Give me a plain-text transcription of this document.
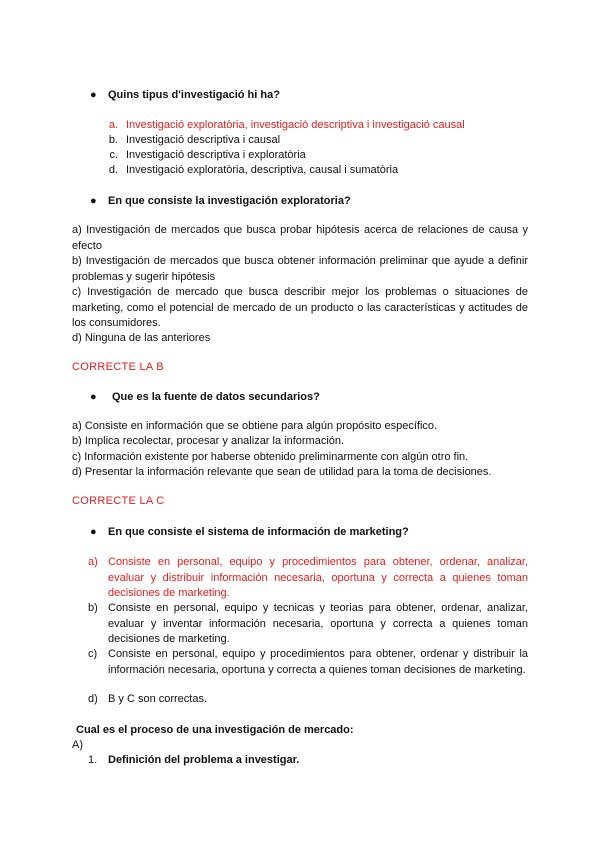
● Quins tipus d'investigació hi ha?
a. Investigació exploratòria, investigació descriptiva i investigació causal
b. Investigació descriptiva i causal
c. Investigació descriptiva i exploratòria
d. Investigació exploratòria, descriptiva, causal i sumatòria
● En que consiste la investigación exploratoria?
a) Investigación de mercados que busca probar hipótesis acerca de relaciones de causa y efecto
b) Investigación de mercados que busca obtener información preliminar que ayude a definir problemas y sugerir hipótesis
c) Investigación de mercado que busca describir mejor los problemas o situaciones de marketing, como el potencial de mercado de un producto o las características y actitudes de los consumidores.
d) Ninguna de las anteriores
CORRECTE LA B
● Que es la fuente de datos secundarios?
a) Consiste en información que se obtiene para algún propósito específico.
b) Implica recolectar, procesar y analizar la información.
c) Información existente por haberse obtenido preliminarmente con algún otro fin.
d) Presentar la información relevante que sean de utilidad para la toma de decisiones.
CORRECTE LA C
● En que consiste el sistema de información de marketing?
a) Consiste en personal, equipo y procedimientos para obtener, ordenar, analizar, evaluar y distribuir información necesaria, oportuna y correcta a quienes toman decisiones de marketing.
b) Consiste en personal, equipo y tecnicas y teorias para obtener, ordenar, analizar, evaluar y inventar información necesaria, oportuna y correcta a quienes toman decisiones de marketing.
c) Consiste en personal, equipo y procedimientos para obtener, ordenar y distribuir la información necesaria, oportuna y correcta a quienes toman decisiones de marketing.
d) B y C son correctas.
Cual es el proceso de una investigación de mercado:
A)
1. Definición del problema a investigar.
